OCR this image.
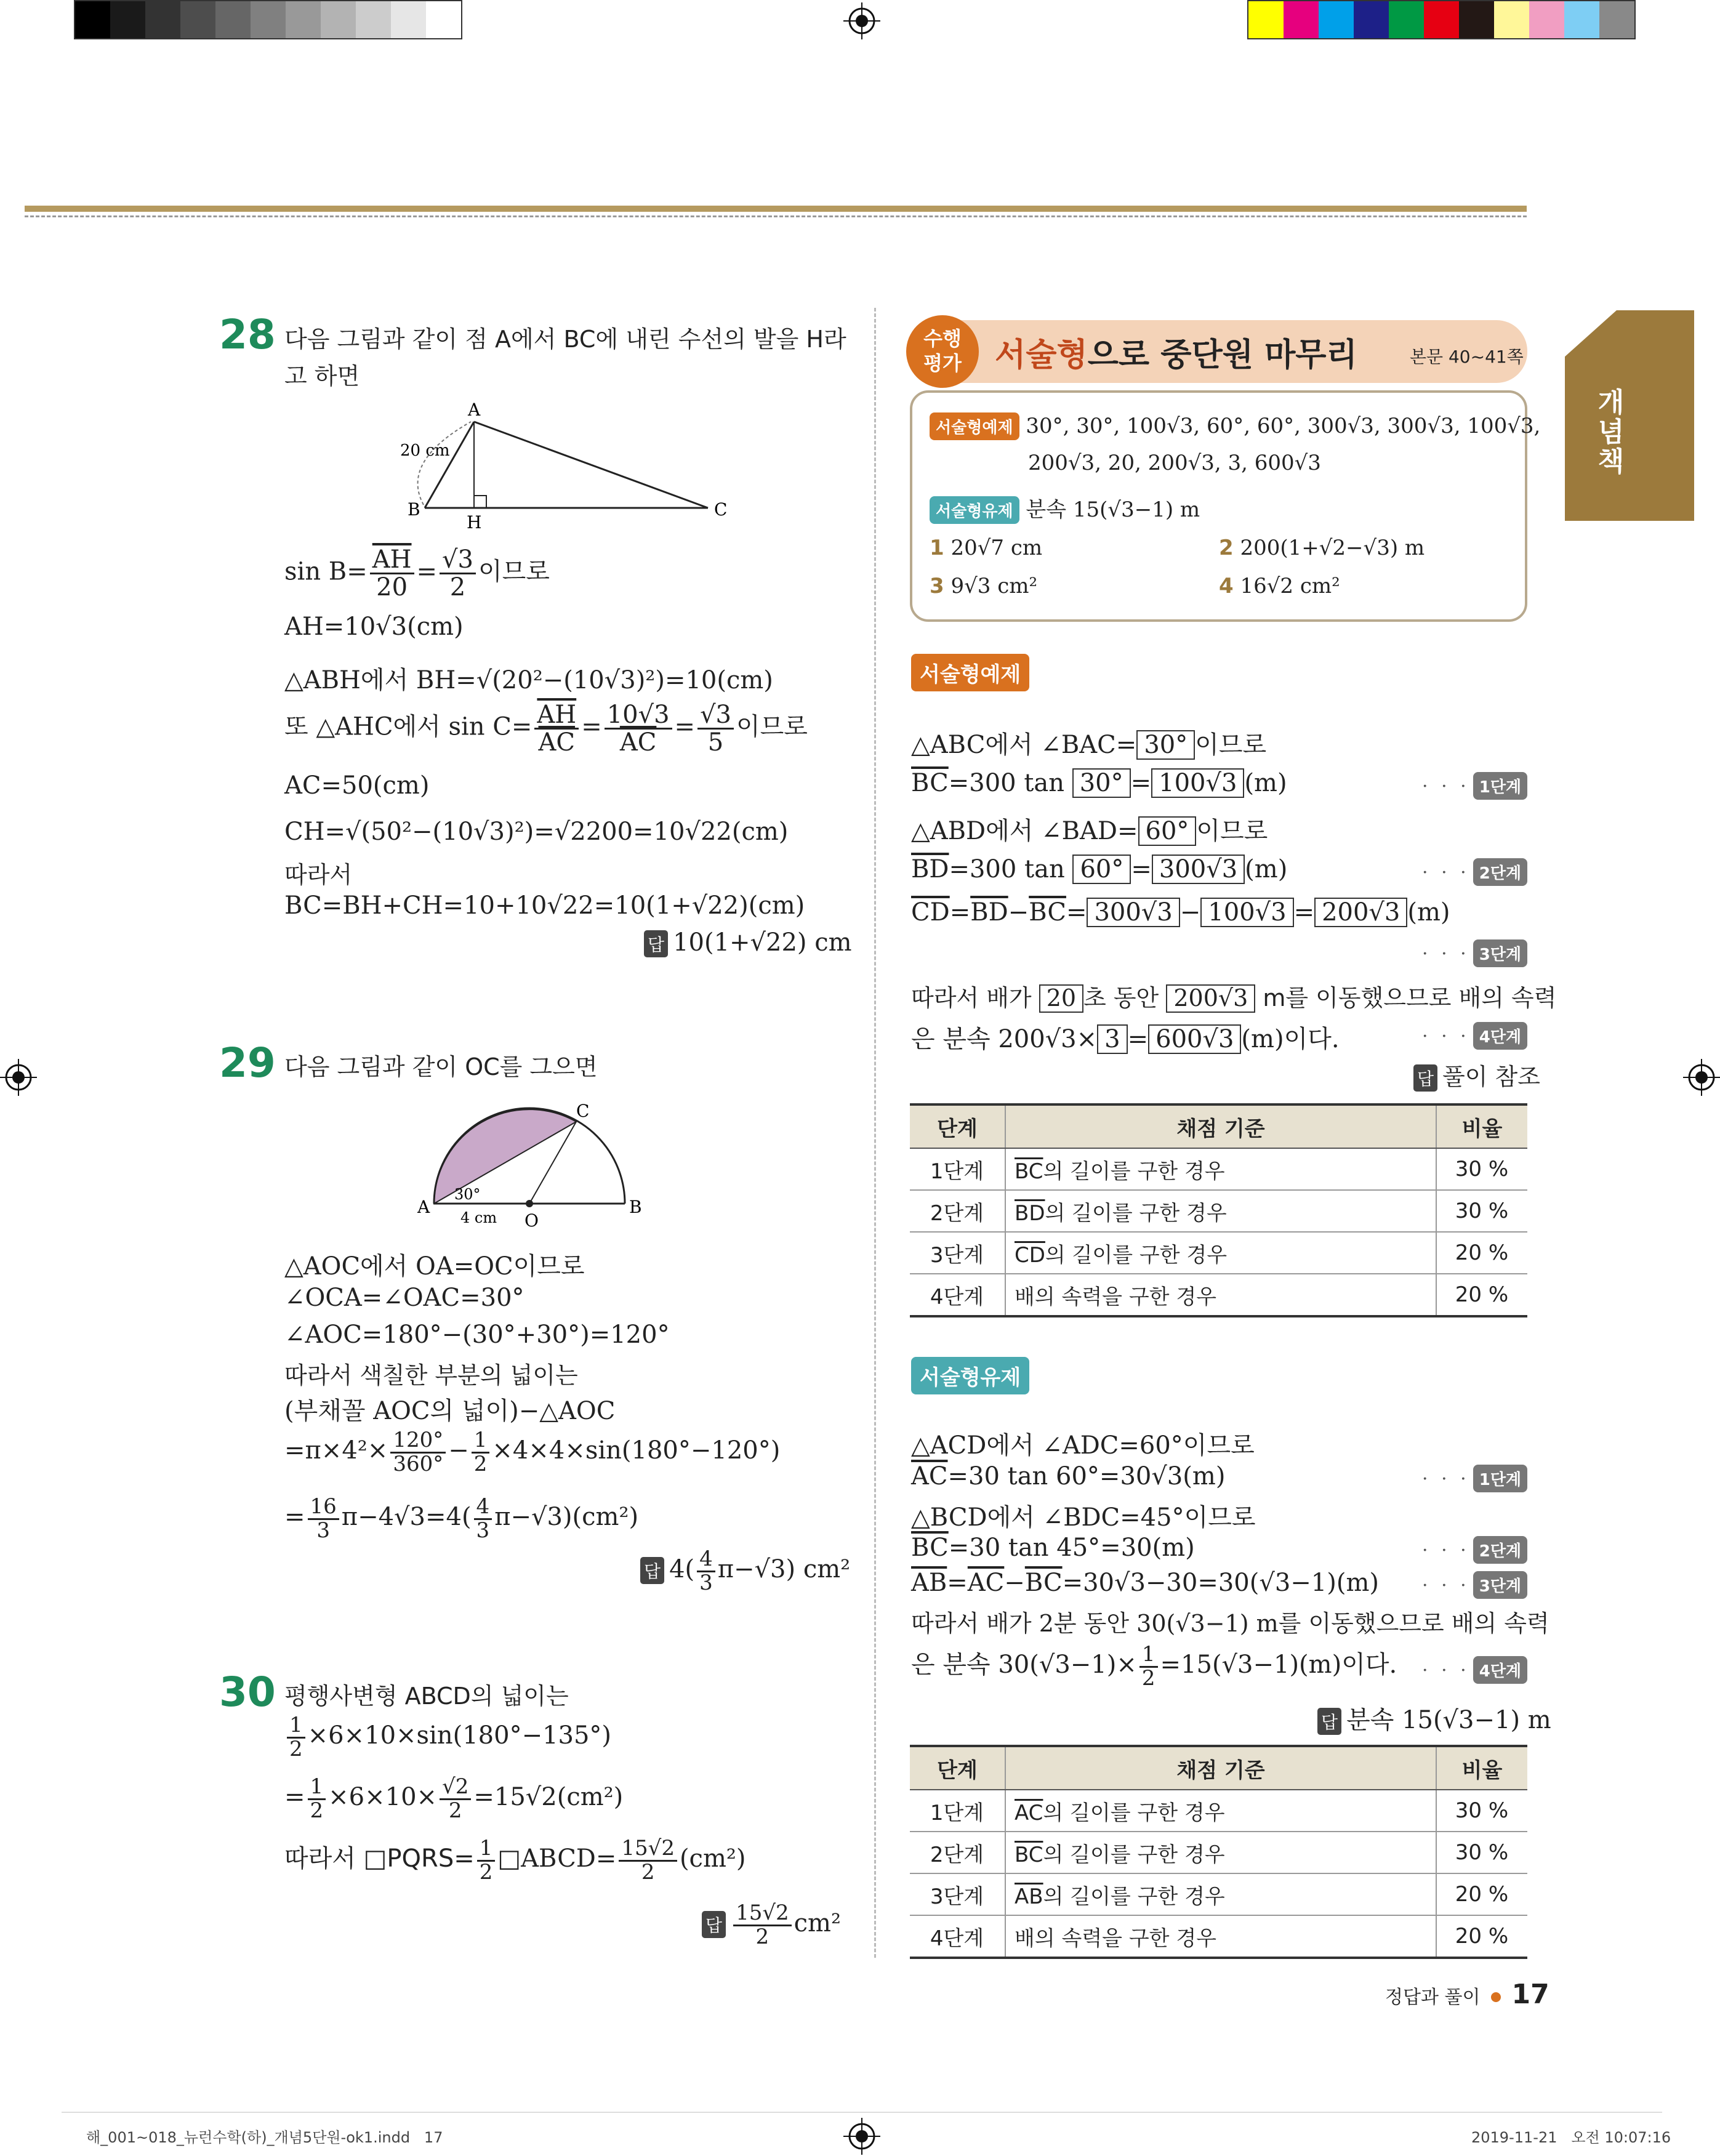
개념책
28 다음 그림과 같이 점 A에서 BC에 내린 수선의 발을 H라
고 하면
A
B	C
H
20 cm
$\sin B= \frac{\overline{AH}}{20} = \frac{√3}{2}$ 이므로
AH=10√3(cm)
△ABH에서 BH=√(20²−(10√3)²)=10(cm)
또 △AHC에서 $\sin C= \frac{\overline{AH}}{AC} = \frac{10√3}{AC} = \frac{√3}{5}$ 이므로
AC=50(cm)
CH=√(50²−(10√3)²)=√2200=10√22(cm)
따라서
BC=BH+CH=10+10√22=10(1+√22)(cm)
답 10(1+√22) cm
29 다음 그림과 같이 OC를 그으면
A	B
C
O
30°
4 cm
△AOC에서 OA=OC이므로
∠OCA=∠OAC=30°
∠AOC=180°−(30°+30°)=120°
따라서 색칠한 부분의 넓이는
(부채꼴 AOC의 넓이)−△AOC
$=\pi\times 4^2\times \frac{120^\circ}{360^\circ} - \frac{1}{2} \times 4\times 4\times\sin(180^\circ-120^\circ)$
= $\frac{16}{3} \pi-4√3=4( \frac{4}{3} \pi-√3)(cm^2)$
답 $4( \frac{4}{3} \pi-√3)$ cm²
30 평행사변형 ABCD의 넓이는
$\frac{1}{2} \times 6\times 10\times\sin(180^\circ-135^\circ)$
= $\frac{1}{2} \times 6\times 10\times \frac{√2}{2} =15√2(cm^2)$
따라서 □PQRS= $\frac{1}{2}$ □ABCD= $\frac{15√2}{2} (cm^2)$
답 $\frac{15√2}{2} cm^2$
수행
평가	서술형으로 중단원 마무리	본문 40~41쪽
서술형예제 30°, 30°, 100√3, 60°, 60°, 300√3, 300√3, 100√3,
200√3, 20, 200√3, 3, 600√3
서술형유제 분속 15(√3−1) m
1 20√7 cm	2 200(1+√2−√3) m
3 9√3 cm²	4 16√2 cm²
서술형예제
△ABC에서 ∠BAC= 30° 이므로
$\overline{BC}=300$ tan 30° = 100√3 (m)	· · · 1단계
△ABD에서 ∠BAD= 60° 이므로
$\overline{BD}=300$ tan 60° = 300√3 (m)	· · · 2단계
$\overline{CD}=\overline{BD}-\overline{BC}= 300√3 - 100√3 = 200√3$ (m)
· · · 3단계
따라서 배가 20 초 동안 200√3 m를 이동했으므로 배의 속력
은 분속 200√3× 3 = 600√3 (m)이다.	· · · 4단계
답 풀이 참조
단계	채점 기준	비율
1단계	$\overline{BC}$의 길이를 구한 경우	30 %
2단계	$\overline{BD}$의 길이를 구한 경우	30 %
3단계	$\overline{CD}$의 길이를 구한 경우	20 %
4단계	배의 속력을 구한 경우	20 %
서술형유제
△ACD에서 ∠ADC=60°이므로
$\overline{AC}=30$ tan 60°=30√3(m)	· · · 1단계
△BCD에서 ∠BDC=45°이므로
$\overline{BC}=30$ tan 45°=30(m)	· · · 2단계
$\overline{AB}=\overline{AC}-\overline{BC}=30√3-30=30(√3-1)(m)$ · · · 3단계
따라서 배가 2분 동안 30(√3−1) m를 이동했으므로 배의 속력
은 분속 $30(√3-1)\times \frac{1}{2} =15(√3-1)(m)$이다. · · · 4단계
답 분속 15(√3−1) m
단계	채점 기준	비율
1단계	$\overline{AC}$의 길이를 구한 경우	30 %
2단계	$\overline{BC}$의 길이를 구한 경우	30 %
3단계	$\overline{AB}$의 길이를 구한 경우	20 %
4단계	배의 속력을 구한 경우	20 %
정답과 풀이 17
해_001~018_뉴런수학(하)_개념5단원-ok1.indd   17	2019-11-21   오전 10:07:16
